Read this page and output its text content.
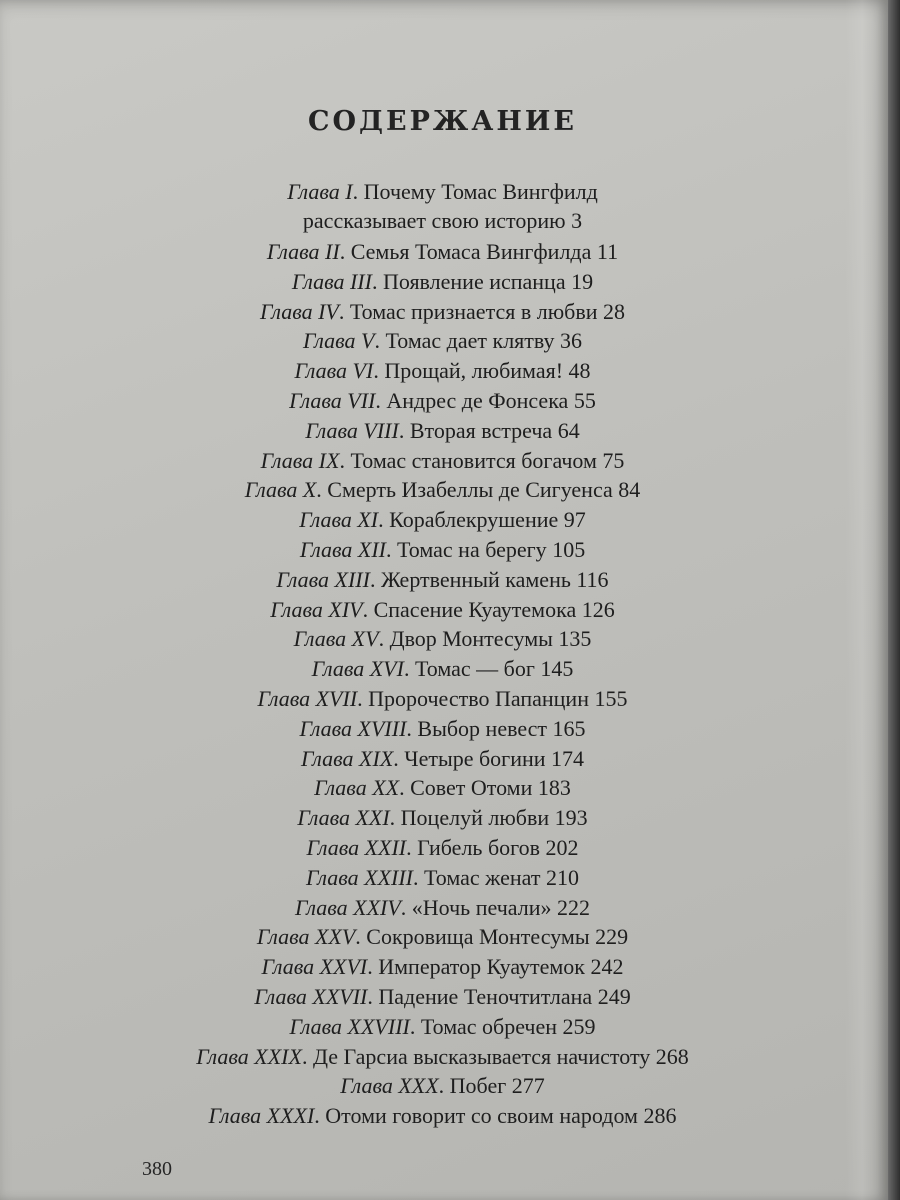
СОДЕРЖАНИЕ
Глава I. Почему Томас Вингфилд
рассказывает свою историю 3
Глава II. Семья Томаса Вингфилда 11
Глава III. Появление испанца 19
Глава IV. Томас признается в любви 28
Глава V. Томас дает клятву 36
Глава VI. Прощай, любимая! 48
Глава VII. Андрес де Фонсека 55
Глава VIII. Вторая встреча 64
Глава IX. Томас становится богачом 75
Глава X. Смерть Изабеллы де Сигуенса 84
Глава XI. Кораблекрушение 97
Глава XII. Томас на берегу 105
Глава XIII. Жертвенный камень 116
Глава XIV. Спасение Куаутемока 126
Глава XV. Двор Монтесумы 135
Глава XVI. Томас — бог 145
Глава XVII. Пророчество Папанцин 155
Глава XVIII. Выбор невест 165
Глава XIX. Четыре богини 174
Глава XX. Совет Отоми 183
Глава XXI. Поцелуй любви 193
Глава XXII. Гибель богов 202
Глава XXIII. Томас женат 210
Глава XXIV. «Ночь печали» 222
Глава XXV. Сокровища Монтесумы 229
Глава XXVI. Император Куаутемок 242
Глава XXVII. Падение Теночтитлана 249
Глава XXVIII. Томас обречен 259
Глава XXIX. Де Гарсиа высказывается начистоту 268
Глава XXX. Побег 277
Глава XXXI. Отоми говорит со своим народом 286
380
